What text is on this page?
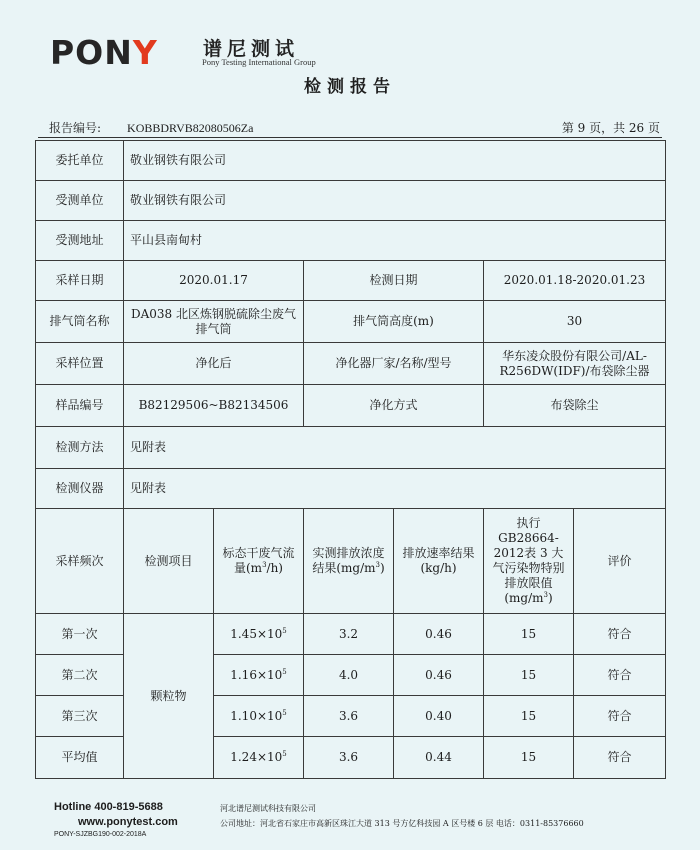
PONY 谱尼测试
Pony Testing International Group
检测报告
报告编号: KOBBDRVB82080506Za	第 9 页，共 26 页
委托单位	敬业钢铁有限公司					
受测单位	敬业钢铁有限公司					
受测地址	平山县南甸村					
采样日期	2020.01.17		检测日期		2020.01.18-2020.01.23	
排气筒名称	DA038 北区炼钢脱硫除尘废气排气筒		排气筒高度(m)		30	
采样位置	净化后		净化器厂家/名称/型号		华东凌众股份有限公司/AL-R256DW(IDF)/布袋除尘器	
样品编号	B82129506~B82134506		净化方式		布袋除尘	
检测方法	见附表					
检测仪器	见附表					
采样频次	检测项目	标态干废气流量$(m^3/h)$	实测排放浓度结果$(mg/m^3)$	排放速率结果(kg/h)	执行GB28664-2012表 3 大气污染物特别排放限值$(mg/m^3)$	评价
第一次	颗粒物	$1.45\times 10^5$	3.2	0.46	15	符合
第二次		$1.16\times 10^5$	4.0	0.46	15	符合
第三次		$1.10\times 10^5$	3.6	0.40	15	符合
平均值		$1.24\times 10^5$	3.6	0.44	15	符合
Hotline 400-819-5688
www.ponytest.com
PONY-SJZBG190-002-2018A
河北谱尼测试科技有限公司
公司地址：河北省石家庄市高新区珠江大道 313 号方亿科技园 A 区号楼 6 层 电话：0311-85376660
